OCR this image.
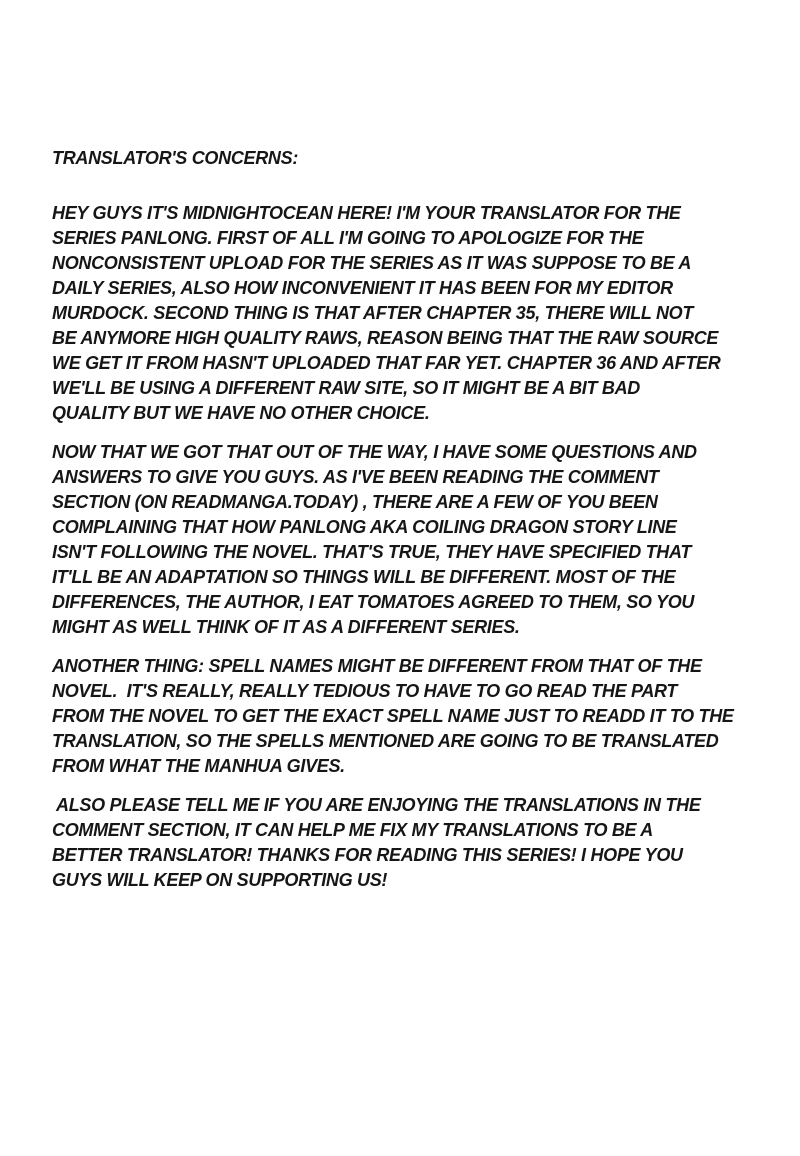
TRANSLATOR'S CONCERNS:

HEY GUYS IT'S MIDNIGHTOCEAN HERE! I'M YOUR TRANSLATOR FOR THE
SERIES PANLONG. FIRST OF ALL I'M GOING TO APOLOGIZE FOR THE
NONCONSISTENT UPLOAD FOR THE SERIES AS IT WAS SUPPOSE TO BE A
DAILY SERIES, ALSO HOW INCONVENIENT IT HAS BEEN FOR MY EDITOR
MURDOCK. SECOND THING IS THAT AFTER CHAPTER 35, THERE WILL NOT
BE ANYMORE HIGH QUALITY RAWS, REASON BEING THAT THE RAW SOURCE
WE GET IT FROM HASN'T UPLOADED THAT FAR YET. CHAPTER 36 AND AFTER
WE'LL BE USING A DIFFERENT RAW SITE, SO IT MIGHT BE A BIT BAD
QUALITY BUT WE HAVE NO OTHER CHOICE.

NOW THAT WE GOT THAT OUT OF THE WAY, I HAVE SOME QUESTIONS AND
ANSWERS TO GIVE YOU GUYS. AS I'VE BEEN READING THE COMMENT
SECTION (ON READMANGA.TODAY) , THERE ARE A FEW OF YOU BEEN
COMPLAINING THAT HOW PANLONG AKA COILING DRAGON STORY LINE
ISN'T FOLLOWING THE NOVEL. THAT'S TRUE, THEY HAVE SPECIFIED THAT
IT'LL BE AN ADAPTATION SO THINGS WILL BE DIFFERENT. MOST OF THE
DIFFERENCES, THE AUTHOR, I EAT TOMATOES AGREED TO THEM, SO YOU
MIGHT AS WELL THINK OF IT AS A DIFFERENT SERIES.

ANOTHER THING: SPELL NAMES MIGHT BE DIFFERENT FROM THAT OF THE
NOVEL.  IT'S REALLY, REALLY TEDIOUS TO HAVE TO GO READ THE PART
FROM THE NOVEL TO GET THE EXACT SPELL NAME JUST TO READD IT TO THE
TRANSLATION, SO THE SPELLS MENTIONED ARE GOING TO BE TRANSLATED
FROM WHAT THE MANHUA GIVES.

ALSO PLEASE TELL ME IF YOU ARE ENJOYING THE TRANSLATIONS IN THE
COMMENT SECTION, IT CAN HELP ME FIX MY TRANSLATIONS TO BE A
BETTER TRANSLATOR! THANKS FOR READING THIS SERIES! I HOPE YOU
GUYS WILL KEEP ON SUPPORTING US!
